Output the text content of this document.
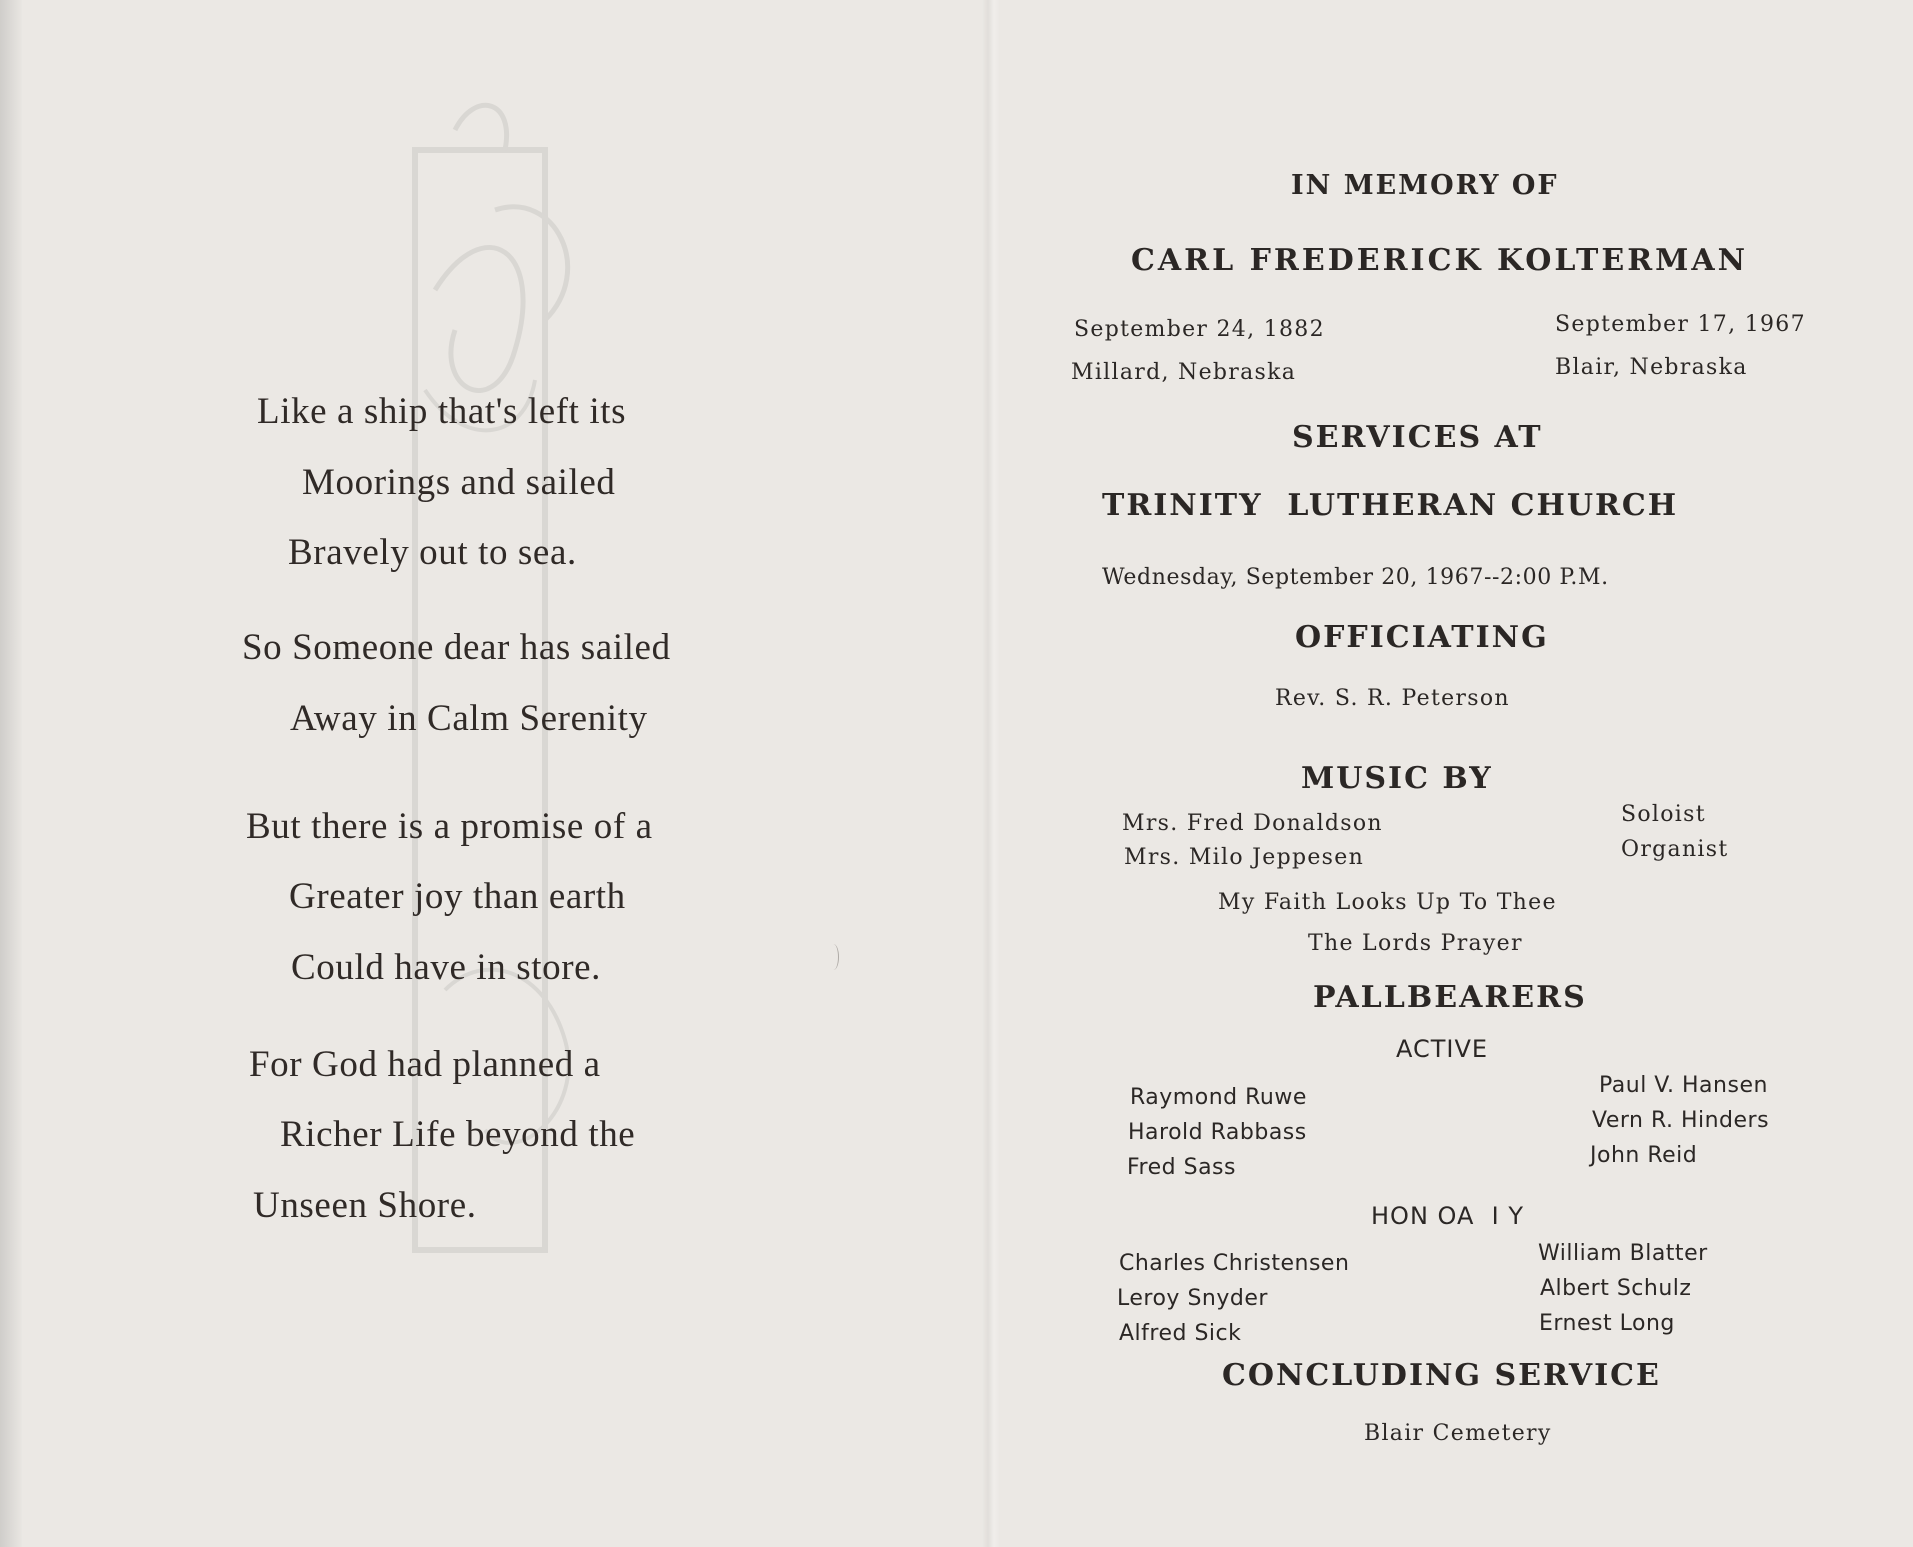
Like a ship that's left its
Moorings and sailed
Bravely out to sea.
So Someone dear has sailed
Away in Calm Serenity
But there is a promise of a
Greater joy than earth
Could have in store.
For God had planned a
Richer Life beyond the
Unseen Shore.
IN MEMORY OF
CARL FREDERICK KOLTERMAN
September 24, 1882
Millard, Nebraska
September 17, 1967
Blair, Nebraska
SERVICES AT
TRINITY  LUTHERAN CHURCH
Wednesday, September 20, 1967--2:00 P.M.
OFFICIATING
Rev. S. R. Peterson
MUSIC BY
Mrs. Fred Donaldson	Soloist
Mrs. Milo Jeppesen	Organist
My Faith Looks Up To Thee
The Lords Prayer
PALLBEARERS
ACTIVE
Raymond Ruwe
Harold Rabbass
Fred Sass
Paul V. Hansen
Vern R. Hinders
John Reid
HON OA  I Y
Charles Christensen
Leroy Snyder
Alfred Sick
William Blatter
Albert Schulz
Ernest Long
CONCLUDING SERVICE
Blair Cemetery
